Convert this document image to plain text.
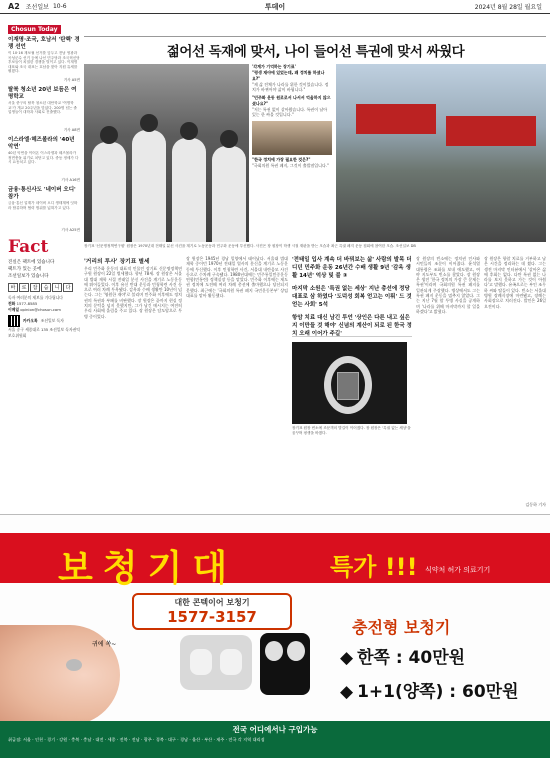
A2 조선일보 10-6	투데이	2024년 8월 28일 월요일
Chosun Today
이재명·조국, 호남서 '탄핵' 경쟁 선언
이 10·16 재보궐 선거를 앞두고 전남 영광과 곡성군수 선거 등에 나선 민주당과 조국혁신당 후보들이 치열한 경쟁을 벌이고 있다. 이재명 대표와 조국 대표는 호남을 찾아 지원 유세를 펼쳤다.
기사 A5면
탈북 청소년 20년 보듬은 여명학교
서울 중구의 탈북 청소년 대안학교 '여명학교'가 개교 20주년을 맞았다. 200명 넘는 졸업생들이 대학과 사회로 진출했다.
기사 A8면
이스라엘·헤즈볼라의 '40년 악연'
40년 악연을 이어온 이스라엘과 헤즈볼라가 정면충돌 위기로 치닫고 있다. 중동 정세가 다시 요동치고 있다.
기사 A16면
금융·통신사도 '네이버 오디' 참가
금융·통신 업계가 네이버 오디 생태계에 잇따라 합류하며 협력 범위를 넓혀가고 있다.
기사 A25면
Fact
진실은 팩트에 있습니다
팩트가 있는 곳에
조선일보가 있습니다
바	로	잡	습	니	다
독자 여러분의 제보를 기다립니다
전화 1577-8585
이메일 opinion@chosun.com
카카오톡 조선일보 독자
서울 중구 세종대로 135 조선일보 독자권익보호위원회
젊어선 독재에 맞서, 나이 들어선 특권에 맞서 싸웠다
'각계가 기억하는 장기표'
"평생 재야에 있었는데, 왜 정치를 하셨나요?"
"제 삶 전체가 나라를 위한 것이었습니다. 정치가 바뀌어야 삶이 바뀝니다."
"민주화 운동 원로로서 나서서 억울하지 않으셨나요?"
"저는 특권 없이 살아왔습니다. 특권이 남아 있는 한 싸울 것입니다."
"한국 정치에 가장 필요한 것은?"
"국회의원 특권 폐지, 그것이 출발점입니다."
장기표 '신문명정책연구원' 원장은 1970년대 전태일 분신 사건을 계기로 노동운동과 민주화 운동에 투신했다. 사진은 장 원장이 학생 시절 재판을 받는 모습과 최근 특권 폐지 운동 집회에 참여한 모습. 조선일보 DB
'거리의 투사' 장기표 별세
우리 민주화 운동의 대표적 인물인 장기표 신문명정책연구원 원장이 22일 별세했다. 향년 78세. 장 원장은 서울대 법대 재학 시절 전태일 분신 사건을 계기로 노동운동에 뛰어들었다. 이후 유신 반대 운동과 민청학련 사건 등으로 여러 차례 투옥됐다. 감옥과 수배 생활만 10년이 넘는다. 그는 '영원한 재야'로 불리며 민주화 이후에도 정치권의 특권과 부패를 비판했다. 장 원장은 끝까지 현실 정치의 문턱을 넘지 못했지만, 그가 남긴 메시지는 여전히 우리 사회에 울림을 주고 있다. 장 원장은 담도암으로 투병 중이었다.
장 원장은 1945년 경남 밀양에서 태어났다. 서울대 법대 재학 중이던 1970년 전태일 열사의 분신을 계기로 노동운동에 투신했다. 이후 민청학련 사건, 서울대 내란음모 사건 등으로 수차례 구속됐다. 1980년대에는 민주통일민중운동연합(민통련) 정책실장 등을 맡았다. 민주화 이후에는 제도권 정치에 도전해 여러 차례 총선에 출마했으나 당선되지 못했다. 최근에는 '국회의원 특권 폐지 국민운동본부' 상임대표를 맡아 활동했다.

'전태일 입사 계속 더 바꿔보는 삶' 사람의 발목 더디던 민주화 운동 26년간 수배 생활 9년 '감옥 생활 14년' 억상 및 불 ③

마지막 소원은 '특권 없는 세상' 지난 총선에 정당 대표로 삼 하였다 '도덕성 회복 얻고는 이뤄' 드 것 얻는 사회' 5석

항암 치료 대신 남긴 투언 '상인은 다른 내고 싶은지 이만들 것 해야' 신념의 계산이 되로 된 한국 정치 오래 이어가 주길'

장기표 원장 빈소에 조문객의 발길이 이어졌다. 장 원장은 '특권 없는 세상'을 꿈꾸며 평생을 바쳤다.
장 원장의 빈소에는 정치권 인사와 시민들의 조문이 이어졌다. 윤석열 대통령은 조화를 보내 애도했고, 여야 지도부도 빈소를 찾았다. 장 원장은 생전 '한국 정치의 가장 큰 문제는 특권'이라며 국회의원 특권 폐지를 일관되게 주장했다. 병상에서도 그는 특권 폐지 운동을 멈추지 않았다. 그는 지난 7월 암 투병 사실을 공개하며 '나라를 위해 마지막까지 할 일을 하겠다'고 밝혔다.
장 원장은 항암 치료를 거부하고 남은 시간을 정리하는 데 썼다. 그는 생전 마지막 인터뷰에서 '살아온 삶에 후회는 없다. 다만 특권 없는 나라를 보지 못하고 가는 것이 아쉽다'고 말했다. 유족으로는 부인 조무하 씨와 딸들이 있다. 빈소는 서울대병원 장례식장에 마련됐고, 장례는 사회장으로 치러진다. 발인은 26일 오전이다.
김동하 기자
보청기대	특가 !!! 식약처 허가 의료기기
대한 콘텍이어 보청기
1577-3157
귀에 쏙~
충전형 보청기
◆ 한쪽 : 40만원
◆ 1+1(양쪽) : 60만원
전국 어디에서나 구입가능
취급점: 서울 · 인천 · 경기 · 강원 · 충북 · 충남 · 대전 · 세종 · 전북 · 전남 · 광주 · 경북 · 대구 · 경남 · 울산 · 부산 · 제주 · 전국 각 지역 대리점
